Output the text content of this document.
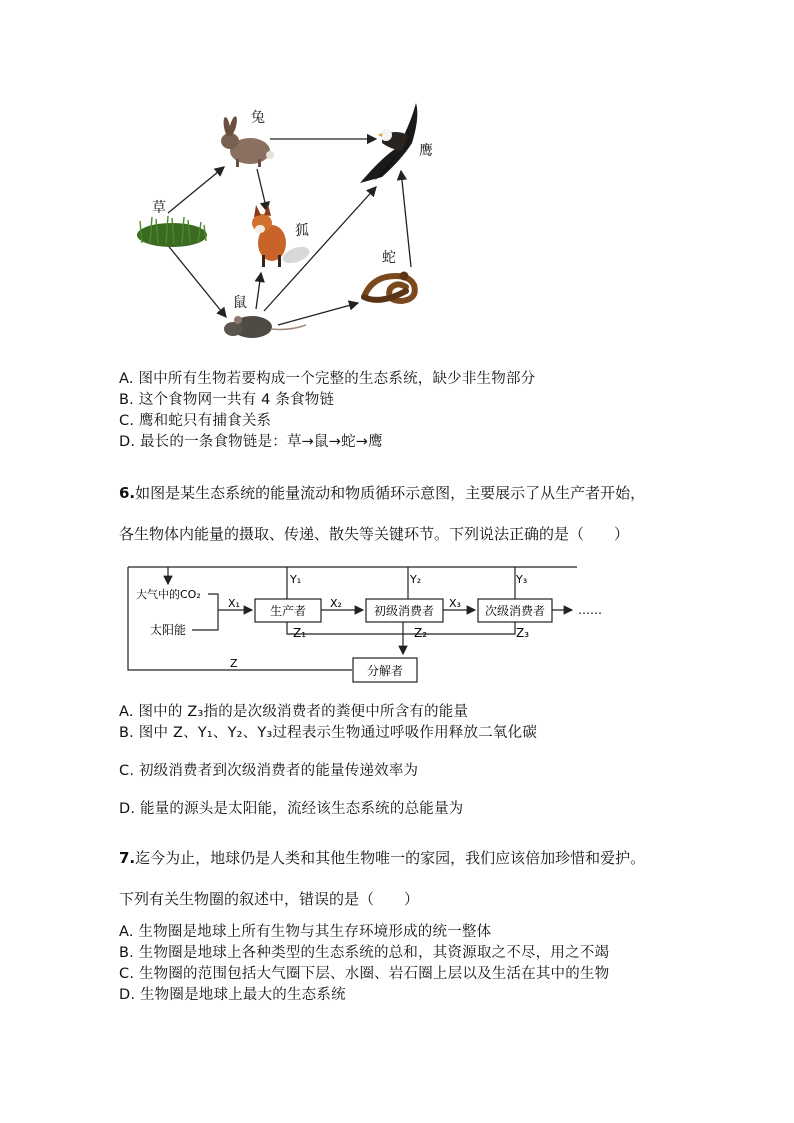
兔
鹰
草
狐
蛇
鼠
A. 图中所有生物若要构成一个完整的生态系统，缺少非生物部分
B. 这个食物网一共有 4 条食物链
C. 鹰和蛇只有捕食关系
D. 最长的一条食物链是：草→鼠→蛇→鹰
6.如图是某生态系统的能量流动和物质循环示意图，主要展示了从生产者开始，
各生物体内能量的摄取、传递、散失等关键环节。下列说法正确的是（　　）
生产者	初级消费者	次级消费者
分解者
……
大气中的CO₂
太阳能
X₁	X₂	X₃
Y₁	Y₂	Y₃
Z₁	Z₂	Z₃
Z
A. 图中的 Z₃指的是次级消费者的粪便中所含有的能量
B. 图中 Z、Y₁、Y₂、Y₃过程表示生物通过呼吸作用释放二氧化碳
C. 初级消费者到次级消费者的能量传递效率为
D. 能量的源头是太阳能，流经该生态系统的总能量为
7.迄今为止，地球仍是人类和其他生物唯一的家园，我们应该倍加珍惜和爱护。
下列有关生物圈的叙述中，错误的是（　　）
A. 生物圈是地球上所有生物与其生存环境形成的统一整体
B. 生物圈是地球上各种类型的生态系统的总和，其资源取之不尽，用之不竭
C. 生物圈的范围包括大气圈下层、水圈、岩石圈上层以及生活在其中的生物
D. 生物圈是地球上最大的生态系统
